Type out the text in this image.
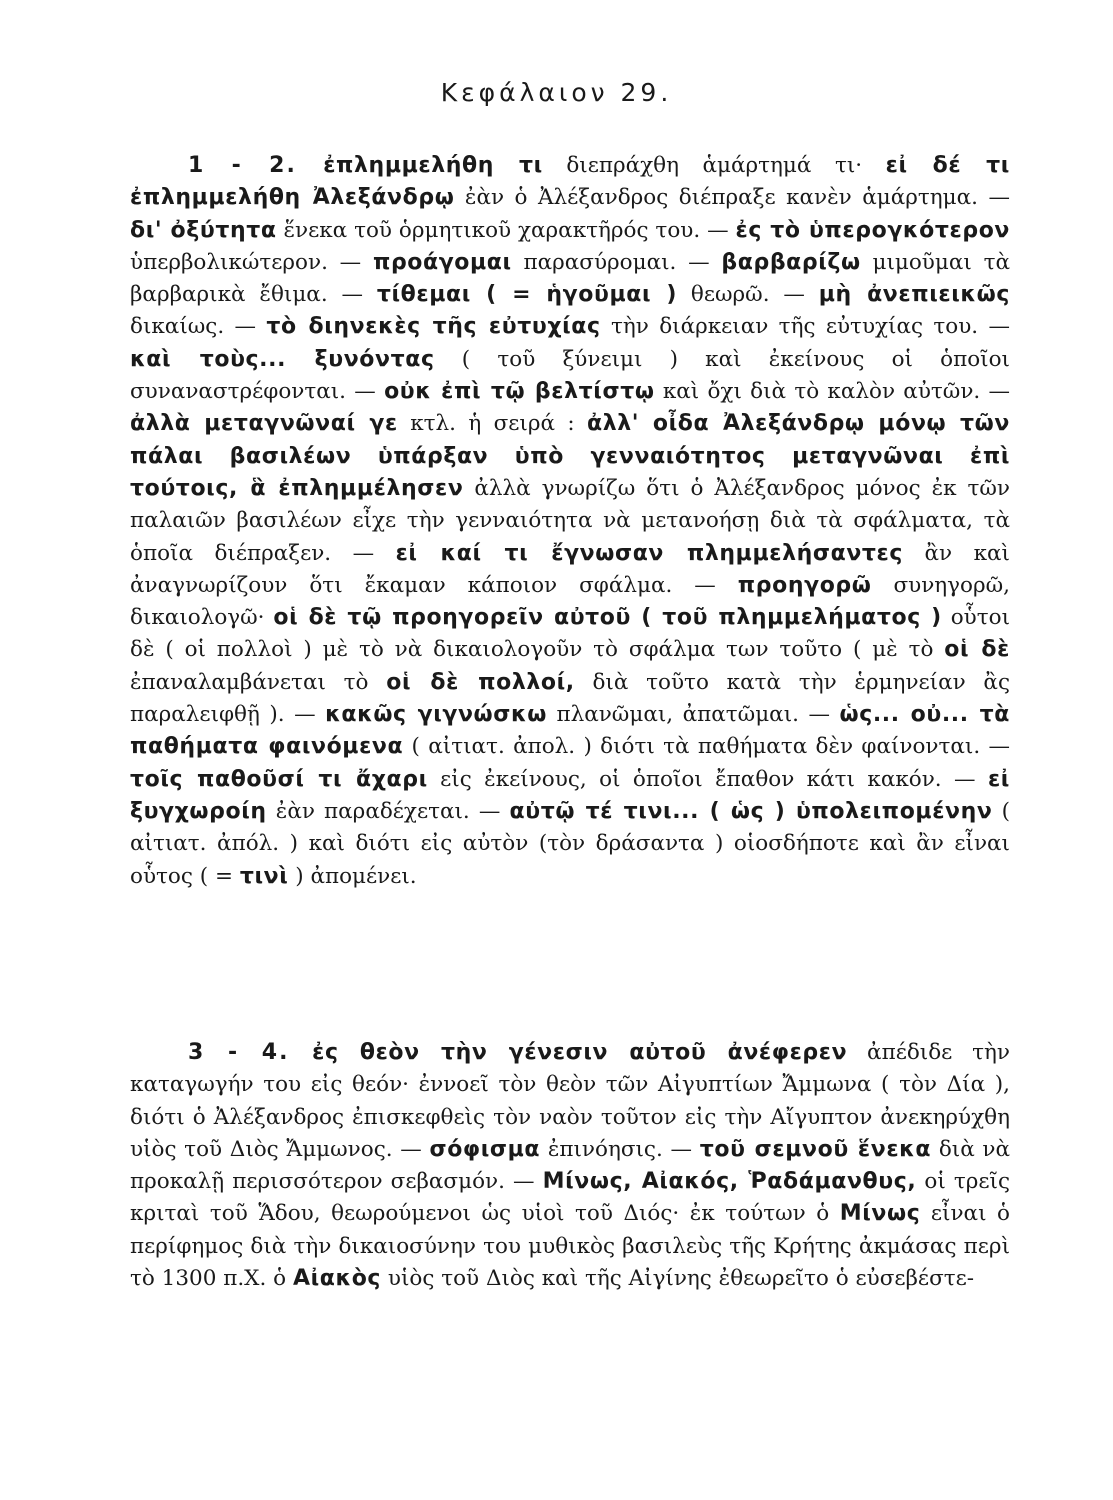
Κεφάλαιον 29.

1 - 2. ἐπλημμελήθη τι διεπράχθη ἁμάρτημά τι· εἰ δέ τι ἐπλημμελήθη Ἀλεξάνδρῳ ἐὰν ὁ Ἀλέξανδρος διέπραξε κανὲν ἁμάρτημα. — δι' ὀξύτητα ἕνεκα τοῦ ὁρμητικοῦ χαρακτῆρός του. — ἐς τὸ ὑπερογκότερον ὑπερβολικώτερον. — προάγομαι παρασύρομαι. — βαρβαρίζω μιμοῦμαι τὰ βαρβαρικὰ ἔθιμα. — τίθεμαι ( = ἡγοῦμαι ) θεωρῶ. — μὴ ἀνεπιεικῶς δικαίως. — τὸ διηνεκὲς τῆς εὐτυχίας τὴν διάρκειαν τῆς εὐτυχίας του. — καὶ τοὺς... ξυνόντας ( τοῦ ξύνειμι ) καὶ ἐκείνους οἱ ὁποῖοι συναναστρέφονται. — οὐκ ἐπὶ τῷ βελτίστῳ καὶ ὄχι διὰ τὸ καλὸν αὐτῶν. — ἀλλὰ μεταγνῶναί γε κτλ. ἡ σειρά : ἀλλ' οἶδα Ἀλεξάνδρῳ μόνῳ τῶν πάλαι βασιλέων ὑπάρξαν ὑπὸ γενναιότητος μεταγνῶναι ἐπὶ τούτοις, ἃ ἐπλημμέλησεν ἀλλὰ γνωρίζω ὅτι ὁ Ἀλέξανδρος μόνος ἐκ τῶν παλαιῶν βασιλέων εἶχε τὴν γενναιότητα νὰ μετανοήσῃ διὰ τὰ σφάλματα, τὰ ὁποῖα διέπραξεν. — εἰ καί τι ἔγνωσαν πλημμελήσαντες ἂν καὶ ἀναγνωρίζουν ὅτι ἔκαμαν κάποιον σφάλμα. — προηγορῶ συνηγορῶ, δικαιολογῶ· οἱ δὲ τῷ προηγορεῖν αὐτοῦ ( τοῦ πλημμελήματος ) οὗτοι δὲ ( οἱ πολλοὶ ) μὲ τὸ νὰ δικαιολογοῦν τὸ σφάλμα των τοῦτο ( μὲ τὸ οἱ δὲ ἐπαναλαμβάνεται τὸ οἱ δὲ πολλοί, διὰ τοῦτο κατὰ τὴν ἑρμηνείαν ἂς παραλειφθῇ ). — κακῶς γιγνώσκω πλανῶμαι, ἀπατῶμαι. — ὡς... οὐ... τὰ παθήματα φαινόμενα ( αἰτιατ. ἀπολ. ) διότι τὰ παθήματα δὲν φαίνονται. — τοῖς παθοῦσί τι ἄχαρι εἰς ἐκείνους, οἱ ὁποῖοι ἔπαθον κάτι κακόν. — εἰ ξυγχωροίη ἐὰν παραδέχεται. — αὐτῷ τέ τινι... ( ὡς ) ὑπολειπομένην ( αἰτιατ. ἀπόλ. ) καὶ διότι εἰς αὐτὸν (τὸν δράσαντα ) οἱοσδήποτε καὶ ἂν εἶναι οὗτος ( = τινὶ ) ἀπομένει.

3 - 4. ἐς θεὸν τὴν γένεσιν αὐτοῦ ἀνέφερεν ἀπέδιδε τὴν καταγωγήν του εἰς θεόν· ἐννοεῖ τὸν θεὸν τῶν Αἰγυπτίων Ἄμμωνα ( τὸν Δία ), διότι ὁ Ἀλέξανδρος ἐπισκεφθεὶς τὸν ναὸν τοῦτον εἰς τὴν Αἴγυπτον ἀνεκηρύχθη υἱὸς τοῦ Διὸς Ἄμμωνος. — σόφισμα ἐπινόησις. — τοῦ σεμνοῦ ἕνεκα διὰ νὰ προκαλῇ περισσότερον σεβασμόν. — Μίνως, Αἰακός, Ῥαδάμανθυς, οἱ τρεῖς κριταὶ τοῦ Ἅδου, θεωρούμενοι ὡς υἱοὶ τοῦ Διός· ἐκ τούτων ὁ Μίνως εἶναι ὁ περίφημος διὰ τὴν δικαιοσύνην του μυθικὸς βασιλεὺς τῆς Κρήτης ἀκμάσας περὶ τὸ 1300 π.Χ. ὁ Αἰακὸς υἱὸς τοῦ Διὸς καὶ τῆς Αἰγίνης ἐθεωρεῖτο ὁ εὐσεβέστε-
